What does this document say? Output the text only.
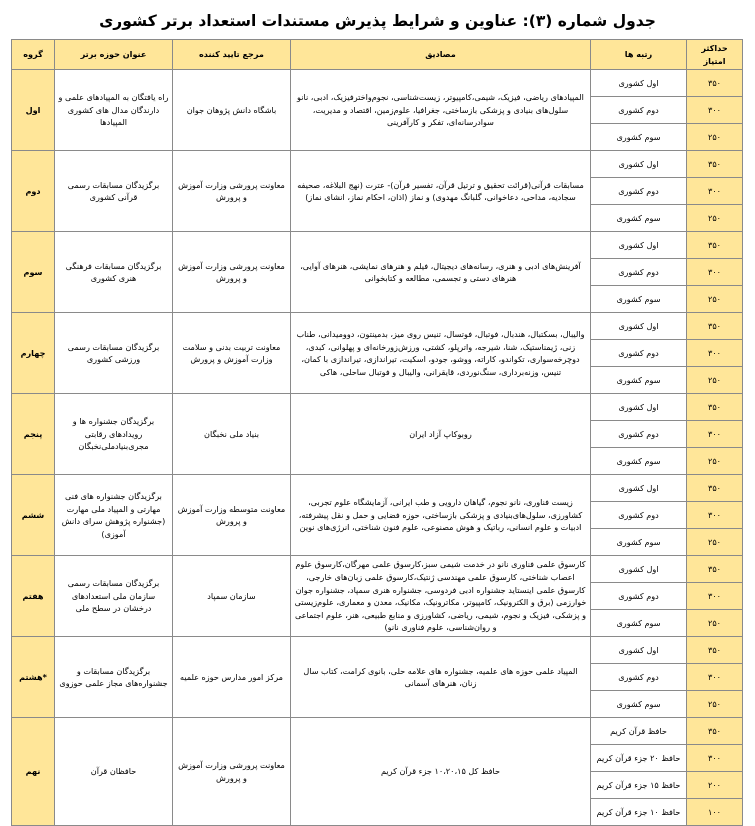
جدول شماره (۳): عناوین و شرایط پذیرش مستندات استعداد برتر کشوری
حداکثر امتیاز	رتبه ها	مصادیق	مرجع تایید کننده	عنوان حوزه برتر	گروه
۳۵۰	اول کشوری	المپیادهای ریاضی، فیزیک، شیمی،کامپیوتر، زیست‌شناسی، نجوم‌واخترفیزیک، ادبی، نانو سلول‌های بنیادی و پزشکی بازساختی، جغرافیا، علوم‌زمین، اقتصاد و مدیریت، سوادرسانه‌ای، تفکر و کارآفرینی	باشگاه دانش پژوهان جوان	راه یافتگان به المپیادهای علمی و دارندگان مدال های کشوری المپیادها	اول
۳۰۰	دوم کشوری				
۲۵۰	سوم کشوری				
۳۵۰	اول کشوری	مسابقات قرآنی(قرائت تحقیق و ترتیل قرآن، تفسیر قرآن)- عترت (نهج البلاغه، صحیفه سجادیه، مداحی، دعاخوانی، گلبانگ مهدوی) و نماز (اذان، احکام نماز، انشای نماز)	معاونت پرورشی وزارت آموزش و پرورش	برگزیدگان مسابقات رسمی قرآنی کشوری	دوم
۳۰۰	دوم کشوری				
۲۵۰	سوم کشوری				
۳۵۰	اول کشوری	آفرینش‌های ادبی و هنری، رسانه‌های دیجیتال، فیلم و هنرهای نمایشی، هنرهای آوایی، هنرهای دستی و تجسمی، مطالعه و کتابخوانی	معاونت پرورشی وزارت آموزش و پرورش	برگزیدگان مسابقات فرهنگی هنری کشوری	سوم
۳۰۰	دوم کشوری				
۲۵۰	سوم کشوری				
۳۵۰	اول کشوری	والیبال، بسکتبال، هندبال، فوتبال، فوتسال، تنیس روی میز، بدمینتون، دوومیدانی، طناب زنی، ژیمناستیک، شنا، شیرجه، واترپلو، کشتی، ورزش‌زورخانه‌ای و پهلوانی، کبدی، دوچرخه‌سواری، تکواندو، کاراته، ووشو، جودو، اسکیت، تیراندازی، تیراندازی با کمان، تنیس، وزنه‌برداری، سنگ‌نوردی، قایقرانی، والیبال و فوتبال ساحلی، هاکی	معاونت تربیت بدنی و سلامت وزارت آموزش و پرورش	برگزیدگان مسابقات رسمی ورزشی کشوری	چهارم
۳۰۰	دوم کشوری				
۲۵۰	سوم کشوری				
۳۵۰	اول کشوری	روبوکاپ آزاد ایران	بنیاد ملی نخبگان	برگزیدگان جشنواره ها و رویدادهای رقابتی مجری‌بنیادملی‌نخبگان	پنجم
۳۰۰	دوم کشوری				
۲۵۰	سوم کشوری				
۳۵۰	اول کشوری	زیست فناوری، نانو نجوم، گیاهان دارویی و طب ایرانی، آزمایشگاه علوم تجربی، کشاورزی، سلول‌های‌بنیادی و پزشکی بازساختی، حوزه فضایی و حمل و نقل پیشرفته، ادبیات و علوم انسانی، رباتیک و هوش مصنوعی، علوم فنون شناختی، انرژی‌های نوین	معاونت متوسطه وزارت آموزش و پرورش	برگزیدگان جشنواره های فنی مهارتی و المپیاد ملی مهارت (جشنواره پژوهش‌ سرای دانش آموزی)	ششم
۳۰۰	دوم کشوری				
۲۵۰	سوم کشوری				
۳۵۰	اول کشوری	کارسوق علمی فناوری نانو در خدمت شیمی سبز،کارسوق علمی مهرگان،کارسوق علوم اعصاب شناختی، کارسوق علمی مهندسی ژنتیک،کارسوق علمی زبان‌های خارجی، کارسوق علمی اینستاید جشنواره ادبی فردوسی، جشنواره هنری سمپاد، جشنواره جوان خوارزمی (برق و الکترونیک، کامپیوتر، مکاترونیک، مکانیک، معدن و معماری، علوم‌زیستی و پزشکی، فیزیک و نجوم، شیمی، ریاضی، کشاورزی و منابع طبیعی، هنر، علوم اجتماعی و روان‌شناسی، علوم فناوری نانو)	سازمان سمپاد	برگزیدگان مسابقات رسمی سازمان ملی استعدادهای درخشان در سطح ملی	هفتم
۳۰۰	دوم کشوری				
۲۵۰	سوم کشوری				
۳۵۰	اول کشوری	المپیاد علمی حوزه های علمیه، جشنواره های علامه حلی، بانوی کرامت، کتاب سال زنان، هنرهای آسمانی	مرکز امور مدارس حوزه علمیه	برگزیدگان مسابقات و جشنواره‌های مجاز علمی حوزوی	*هشتم
۳۰۰	دوم کشوری				
۲۵۰	سوم کشوری				
۳۵۰	حافظ قرآن کریم	حافظ کل ۱۰،۲۰،۱۵ جزء قرآن کریم	معاونت پرورشی وزارت آموزش و پرورش	حافظان قرآن	نهم
۳۰۰	حافظ ۲۰ جزء قرآن کریم				
۲۰۰	حافظ ۱۵ جزء قرآن کریم				
۱۰۰	حافظ ۱۰ جزء قرآن کریم				
